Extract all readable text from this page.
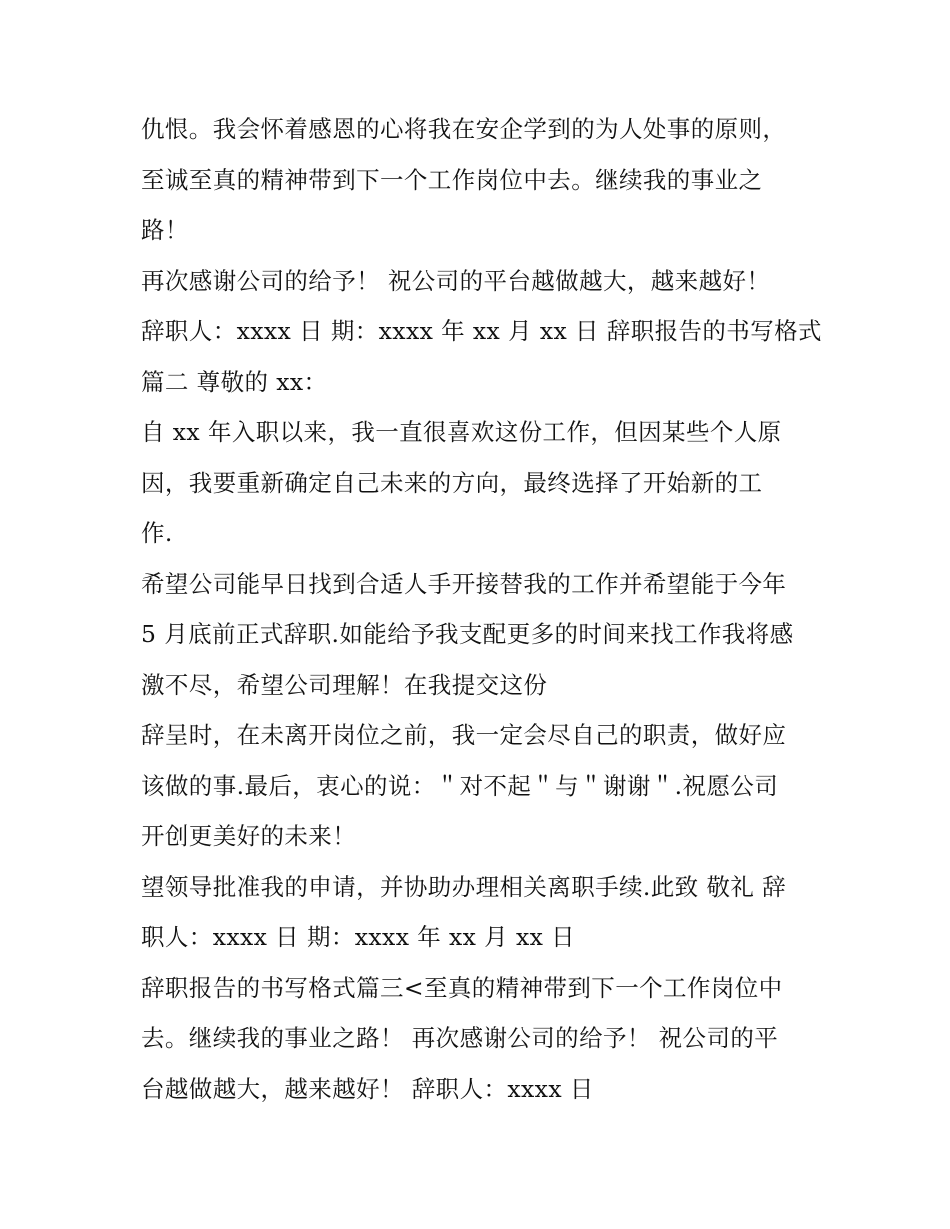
仇恨。我会怀着感恩的心将我在安企学到的为人处事的原则，
至诚至真的精神带到下一个工作岗位中去。继续我的事业之
路！
再次感谢公司的给予！ 祝公司的平台越做越大，越来越好！
辞职人：xxxx 日 期：xxxx 年 xx 月 xx 日 辞职报告的书写格式
篇二 尊敬的 xx：
自 xx 年入职以来，我一直很喜欢这份工作，但因某些个人原
因，我要重新确定自己未来的方向，最终选择了开始新的工
作.
希望公司能早日找到合适人手开接替我的工作并希望能于今年
5 月底前正式辞职.如能给予我支配更多的时间来找工作我将感
激不尽，希望公司理解！在我提交这份
辞呈时，在未离开岗位之前，我一定会尽自己的职责，做好应
该做的事.最后，衷心的说：＂对不起＂与＂谢谢＂.祝愿公司
开创更美好的未来！
望领导批准我的申请，并协助办理相关离职手续.此致 敬礼 辞
职人：xxxx 日 期：xxxx 年 xx 月 xx 日
辞职报告的书写格式篇三<至真的精神带到下一个工作岗位中
去。继续我的事业之路！ 再次感谢公司的给予！ 祝公司的平
台越做越大，越来越好！ 辞职人：xxxx 日
